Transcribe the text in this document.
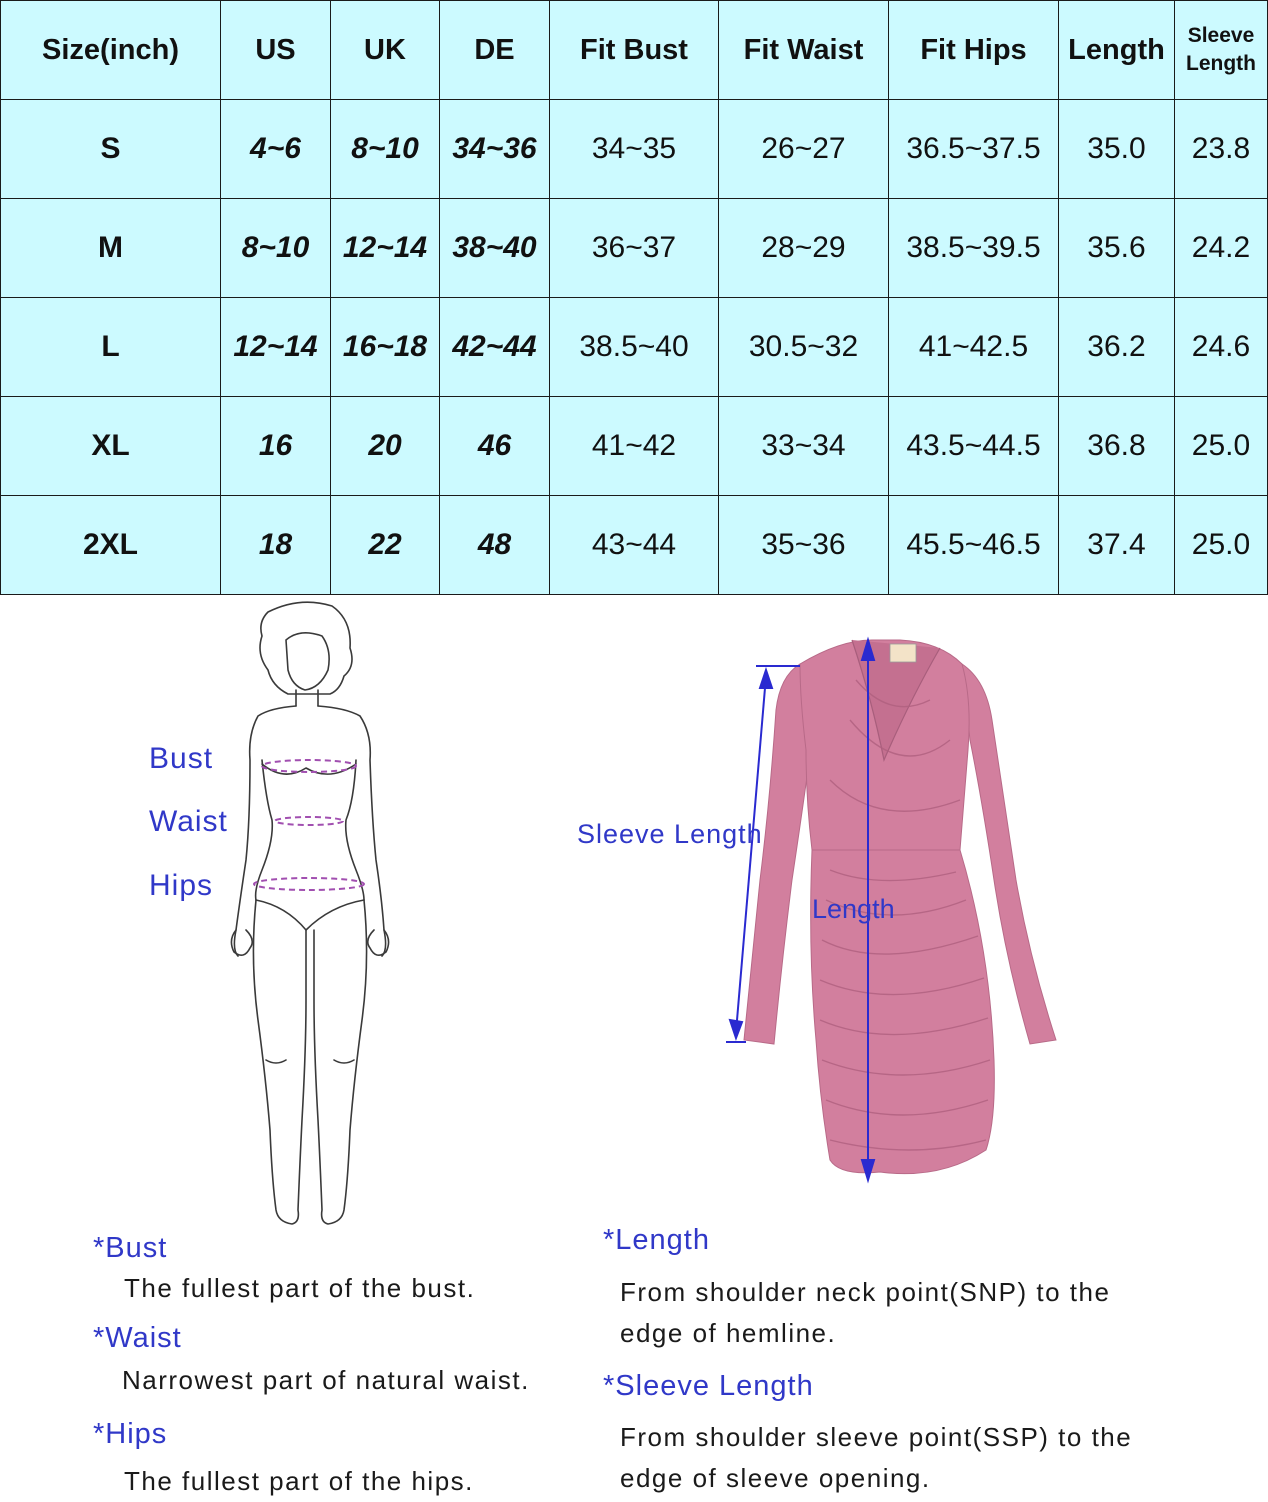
Size(inch)	US	UK	DE	Fit Bust	Fit Waist	Fit Hips	Length	Sleeve
Length
S	4~6	8~10	34~36	34~35	26~27	36.5~37.5	35.0	23.8
M	8~10	12~14	38~40	36~37	28~29	38.5~39.5	35.6	24.2
L	12~14	16~18	42~44	38.5~40	30.5~32	41~42.5	36.2	24.6
XL	16	20	46	41~42	33~34	43.5~44.5	36.8	25.0
2XL	18	22	48	43~44	35~36	45.5~46.5	37.4	25.0
Bust
Waist
Hips
Sleeve Length
Length
*Bust
The fullest part of the bust.
*Waist
Narrowest part of natural waist.
*Hips
The fullest part of the hips.
*Length
From shoulder neck point(SNP) to the
edge of hemline.
*Sleeve Length
From shoulder sleeve point(SSP) to the
edge of sleeve opening.
